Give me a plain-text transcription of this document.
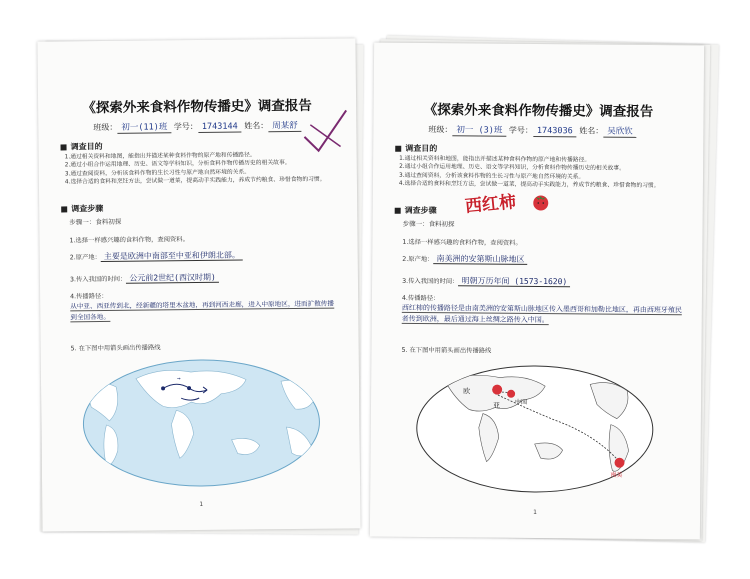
《探索外来食料作物传播史》调查报告
班级： 初一(11)班 学号： 1743144 姓名： 周某舒
调查目的
1.通过相关资料和地图，能指出并描述某种食料作物的原产地和传播路径。
2.通过小组合作运用地理、历史、语文等学科知识，分析食料作物传播历史的相关故事。
3.通过查阅资料，分析该食料作物的生长习性与原产地自然环境的关系。
4.选择合适的食料和烹饪方法，尝试做一道菜，提高动手实践能力，养成节约粮食、珍惜食物的习惯。
调查步骤
步骤一：食料初探
1.选择一样感兴趣的食料作物，查阅资料。
2.原产地： 主要是欧洲中南部至中亚和伊朗北部。
3.传入我国的时间： 公元前2世纪(西汉时期)
4.传播路径：
从中亚、西亚传到北，经新疆的塔里木盆地，再到河西走廊，进入中原地区，进而扩散传播到全国各地。
5. 在下图中用箭头画出传播路线
→
1
《探索外来食料作物传播史》调查报告
班级： 初一 (3)班 学号： 1743036 姓名： 吴欣钦
调查目的
1.通过相关资料和地图，能指出并描述某种食料作物的原产地和传播路径。
2.通过小组合作运用地理、历史、语文等学科知识，分析食料作物传播历史的相关故事。
3.通过查阅资料，分析该食料作物的生长习性与原产地自然环境的关系。
4.选择合适的食料和烹饪方法，尝试做一道菜，提高动手实践能力，养成节约粮食、珍惜食物的习惯。
调查步骤 西红柿
步骤一：食料初探
1.选择一样感兴趣的食料作物，查阅资料。
2.原产地： 南美洲的安第斯山脉地区
3.传入我国的时间： 明朝万历年间 (1573-1620)
4.传播路径：
西红柿的传播路径是由南美洲的安第斯山脉地区传入墨西哥和加勒比地区，再由西班牙殖民者传到欧洲，最后通过海上丝绸之路传入中国。
5. 在下图中用箭头画出传播路线
欧
亚 中国
南美
1
